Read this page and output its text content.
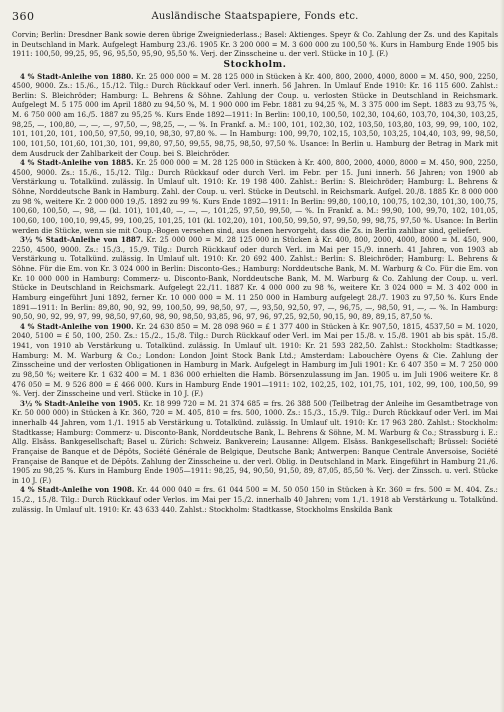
360	Ausländische Staatspapiere, Fonds etc.

Corvin; Berlin: Dresdner Bank sowie deren übrige Zweigniederlass.; Basel: Aktienges. Speyr & Co. Zahlung der Zs. und des Kapitals in Deutschland in Mark. Aufgelegt Hamburg 23./6. 1905 Kr. 3 200 000 = M. 3 600 000 zu 100,50 %. Kurs in Hamburg Ende 1905 bis 1911: 100,50, 99,25, 95, 96, 95,50, 95,90, 95,50 %. Verj. der Zinsscheine u. der verl. Stücke in 10 J. (F.)

Stockholm.

4 % Stadt-Anleihe von 1880. Kr. 25 000 000 = M. 28 125 000 in Stücken à Kr. 400, 800, 2000, 4000, 8000 = M. 450, 900, 2250, 4500, 9000. Zs.: 15./6., 15./12. Tilg.: Durch Rückkauf oder Verl. innerh. 56 Jahren. In Umlauf Ende 1910: Kr. 16 115 600. Zahlst.: Berlin: S. Bleichröder; Hamburg: L. Behrens & Söhne. Zahlung der Coup. u. verlosten Stücke in Deutschland in Reichsmark. Aufgelegt M. 5 175 000 im April 1880 zu 94,50 %, M. 1 900 000 im Febr. 1881 zu 94,25 %, M. 3 375 000 im Sept. 1883 zu 93,75 %, M. 6 750 000 am 16./5. 1887 zu 95,25 %. Kurs Ende 1892—1911: In Berlin: 100,10, 100,50, 102,30, 104,60, 103,70, 104,30, 103,25, 98,25, —, 100,80, —, —, —, 97,50, —, 98,25, —, — %. In Frankf. a. M.: 100, 101, 102,30, 102, 103,50, 103,80, 103, 99, 99, 100, 102, 101, 101,20, 101, 100,50, 97,50, 99,10, 98,30, 97,80 %. — In Hamburg: 100, 99,70, 102,15, 103,50, 103,25, 104,40, 103, 99, 98,50, 100, 101,50, 101,60, 101,30, 101, 99,80, 97,50, 99,55, 98,75, 98,50, 97,50 %. Usance: In Berlin u. Hamburg der Betrag in Mark mit dem Ausdruck der Zahlbarkeit der Coup. bei S. Bleichröder.

4 % Stadt-Anleihe von 1885. Kr. 25 000 000 = M. 28 125 000 in Stücken à Kr. 400, 800, 2000, 4000, 8000 = M. 450, 900, 2250, 4500, 9000. Zs.: 15./6., 15./12. Tilg.: Durch Rückkauf oder durch Verl. im Febr. per 15. Juni innerh. 56 Jahren; von 1900 ab Verstärkung u. Totalkünd. zulässig. In Umlauf ult. 1910: Kr. 19 198 400. Zahlst.: Berlin: S. Bleichröder; Hamburg: L. Behrens & Söhne, Norddeutsche Bank in Hamburg. Zahl. der Coup. u. verl. Stücke in Deutschl. in Reichsmark. Aufgel. 20./8. 1885 Kr. 8 000 000 zu 98 %, weitere Kr. 2 000 000 19./5. 1892 zu 99 %. Kurs Ende 1892—1911: In Berlin: 99,80, 100,10, 100,75, 102,30, 101,30, 100,75, 100,60, 100,50, —, 98, — (kl. 101), 101,40, —, —, —, 101,25, 97,50, 99,50, — %. In Frankf. a. M.: 99,90, 100, 99,70, 102, 101,05, 100,60, 100, 100,10, 99,45, 99, 100,25, 101,25, 101 (kl. 102,20), 101, 100,50, 99,50, 97, 99,50, 99, 98,75, 97,50 %. Usance: In Berlin werden die Stücke, wenn sie mit Coup.-Bogen versehen sind, aus denen hervorgeht, dass die Zs. in Berlin zahlbar sind, geliefert.

3½ % Stadt-Anleihe von 1887. Kr. 25 000 000 = M. 28 125 000 in Stücken à Kr. 400, 800, 2000, 4000, 8000 = M. 450, 900, 2250, 4500, 9000. Zs.: 15./3., 15./9. Tilg.: Durch Rückkauf oder durch Verl. im Mai per 15./9. innerh. 41 Jahren, von 1903 ab Verstärkung u. Totalkünd. zulässig. In Umlauf ult. 1910: Kr. 20 692 400. Zahlst.: Berlin: S. Bleichröder; Hamburg: L. Behrens & Söhne. Für die Em. von Kr. 3 024 000 in Berlin: Disconto-Ges.; Hamburg: Norddeutsche Bank, M. M. Warburg & Co. Für die Em. von Kr. 10 000 000 in Hamburg: Commerz- u. Disconto-Bank, Norddeutsche Bank, M. M. Warburg & Co. Zahlung der Coup. u. verl. Stücke in Deutschland in Reichsmark. Aufgelegt 22./11. 1887 Kr. 4 000 000 zu 98 %, weitere Kr. 3 024 000 = M. 3 402 000 in Hamburg eingeführt Juni 1892, ferner Kr. 10 000 000 = M. 11 250 000 in Hamburg aufgelegt 28./7. 1903 zu 97,50 %. Kurs Ende 1891—1911: In Berlin: 89,80, 90, 92, 99, 100,50, 99, 98,50, 97, —, 93,50, 92,50, 97, —, 96,75, —, 98,50, 91, —, — %. In Hamburg: 90,50, 90, 92, 99, 97, 99, 98,50, 97,60, 98, 90, 98,50, 93,85, 96, 97, 96, 97,25, 92,50, 90,15, 90, 89, 89,15, 87,50 %.

4 % Stadt-Anleihe von 1900. Kr. 24 630 850 = M. 28 098 960 = £ 1 377 400 in Stücken à Kr. 907,50, 1815, 4537,50 = M. 1020, 2040, 5100 = £ 50, 100, 250. Zs.: 15./2., 15./8. Tilg.: Durch Rückkauf oder Verl. im Mai per 15./8. v. 15./8. 1901 ab bis spät. 15./8. 1941, von 1910 ab Verstärkung u. Totalkünd. zulässig. In Umlauf ult. 1910: Kr. 21 593 282,50. Zahlst.: Stockholm: Stadtkasse; Hamburg: M. M. Warburg & Co.; London: London Joint Stock Bank Ltd.; Amsterdam: Labouchère Oyens & Cie. Zahlung der Zinsscheine und der verlosten Obligationen in Hamburg in Mark. Aufgelegt in Hamburg im Juli 1901: Kr. 6 407 350 = M. 7 250 000 zu 98,50 %; weitere Kr. 1 632 400 = M. 1 836 000 erhielten die Hamb. Börsenzulassung im Jan. 1905 u. im Juli 1906 weitere Kr. 8 476 050 = M. 9 526 800 = £ 466 000. Kurs in Hamburg Ende 1901—1911: 102, 102,25, 102, 101,75, 101, 102, 99, 100, 100,50, 99 %. Verj. der Zinsscheine und verl. Stücke in 10 J. (F.)

3½ % Stadt-Anleihe von 1905. Kr. 18 999 720 = M. 21 374 685 = frs. 26 388 500 (Teilbetrag der Anleihe im Gesamtbetrage von Kr. 50 000 000) in Stücken à Kr. 360, 720 = M. 405, 810 = frs. 500, 1000. Zs.: 15./3., 15./9. Tilg.: Durch Rückkauf oder Verl. im Mai innerhalb 44 Jahren, vom 1./1. 1915 ab Verstärkung u. Totalkünd. zulässig. In Umlauf ult. 1910: Kr. 17 963 280. Zahlst.: Stockholm: Stadtkasse; Hamburg: Commerz- u. Disconto-Bank, Norddeutsche Bank, L. Behrens & Söhne, M. M. Warburg & Co.; Strassburg i. E.: Allg. Elsäss. Bankgesellschaft; Basel u. Zürich: Schweiz. Bankverein; Lausanne: Allgem. Elsäss. Bankgesellschaft; Brüssel: Société Française de Banque et de Dépôts, Société Générale de Belgique, Deutsche Bank; Antwerpen: Banque Centrale Anversoise, Société Française de Banque et de Dépôts. Zahlung der Zinsscheine u. der verl. Oblig. in Deutschland in Mark. Eingeführt in Hamburg 21./6. 1905 zu 98,25 %. Kurs in Hamburg Ende 1905—1911: 98,25, 94, 90,50, 91,50, 89, 87,05, 85,50 %. Verj. der Zinssch. u. verl. Stücke in 10 J. (F.)

4 % Stadt-Anleihe von 1908. Kr. 44 000 040 = frs. 61 044 500 = M. 50 050 150 in Stücken à Kr. 360 = frs. 500 = M. 404. Zs.: 15./2., 15./8. Tilg.: Durch Rückkauf oder Verlos. im Mai per 15./2. innerhalb 40 Jahren; vom 1./1. 1918 ab Verstärkung u. Totalkünd. zulässig. In Umlauf ult. 1910: Kr. 43 633 440. Zahlst.: Stockholm: Stadtkasse, Stockholms Enskilda Bank
